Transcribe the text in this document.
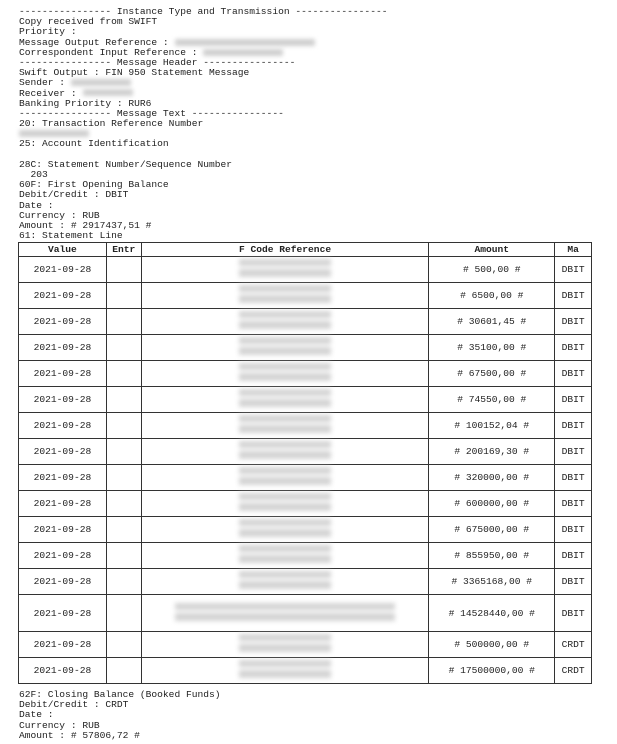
---------------- Instance Type and Transmission ----------------
Copy received from SWIFT
Priority :
Message Output Reference :
Correspondent Input Reference :
---------------- Message Header ----------------
Swift Output : FIN 950 Statement Message
Sender :
Receiver :
Banking Priority : RUR6
---------------- Message Text ----------------
20: Transaction Reference Number
25: Account Identification
28C: Statement Number/Sequence Number
203
60F: First Opening Balance
Debit/Credit : DBIT
Date :
Currency : RUB
Amount : # 2917437,51 #
61: Statement Line
Value	Entr	F Code Reference	Amount	Ma
2021-09-28			# 500,00 #	DBIT
2021-09-28			# 6500,00 #	DBIT
2021-09-28			# 30601,45 #	DBIT
2021-09-28			# 35100,00 #	DBIT
2021-09-28			# 67500,00 #	DBIT
2021-09-28			# 74550,00 #	DBIT
2021-09-28			# 100152,04 #	DBIT
2021-09-28			# 200169,30 #	DBIT
2021-09-28			# 320000,00 #	DBIT
2021-09-28			# 600000,00 #	DBIT
2021-09-28			# 675000,00 #	DBIT
2021-09-28			# 855950,00 #	DBIT
2021-09-28			# 3365168,00 #	DBIT
2021-09-28			# 14528440,00 #	DBIT
2021-09-28			# 500000,00 #	CRDT
2021-09-28			# 17500000,00 #	CRDT
62F: Closing Balance (Booked Funds)
Debit/Credit : CRDT
Date :
Currency : RUB
Amount : # 57806,72 #
